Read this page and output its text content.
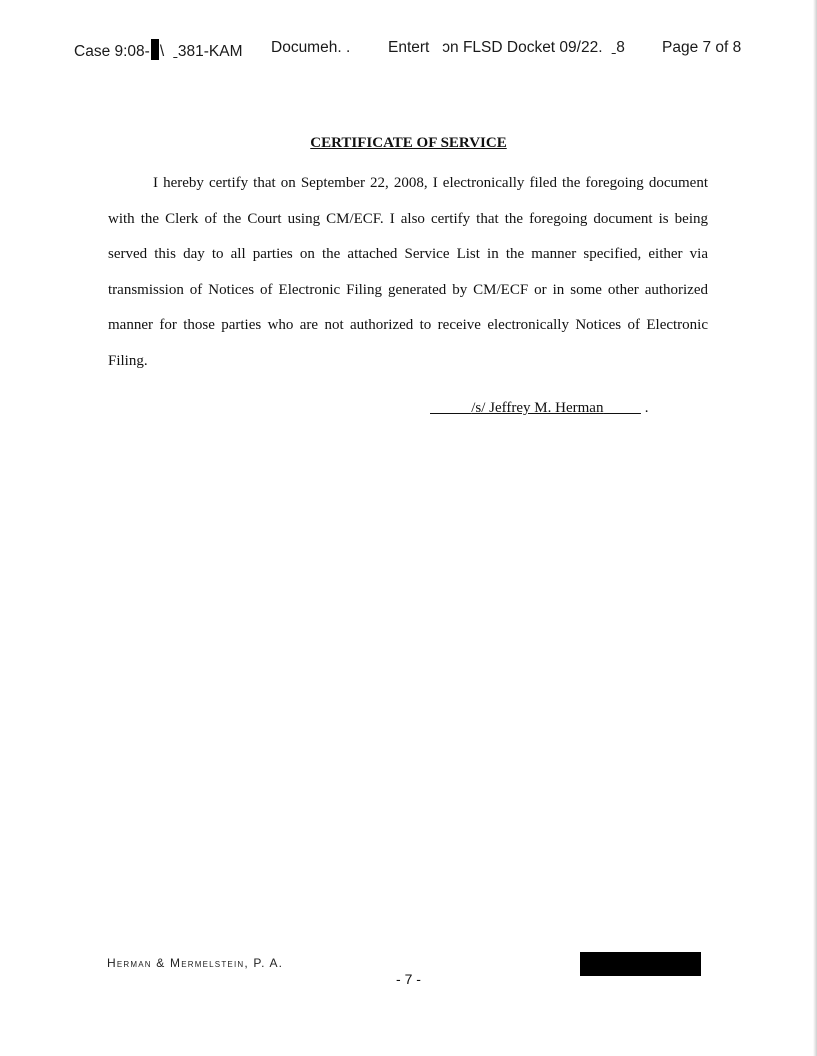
Case 9:08- \  ˍ381-KAM

Documeh. .

Entert   ɔn FLSD Docket 09/22.  ˍ8

Page 7 of 8

CERTIFICATE OF SERVICE

I hereby certify that on September 22, 2008, I electronically filed the foregoing document with the Clerk of the Court using CM/ECF. I also certify that the foregoing document is being served this day to all parties on the attached Service List in the manner specified, either via transmission of Notices of Electronic Filing generated by CM/ECF or in some other authorized manner for those parties who are not authorized to receive electronically Notices of Electronic Filing.

/s/ Jeffrey M. Herman	.
Herman & Mermelstein, P. A.
- 7 -
